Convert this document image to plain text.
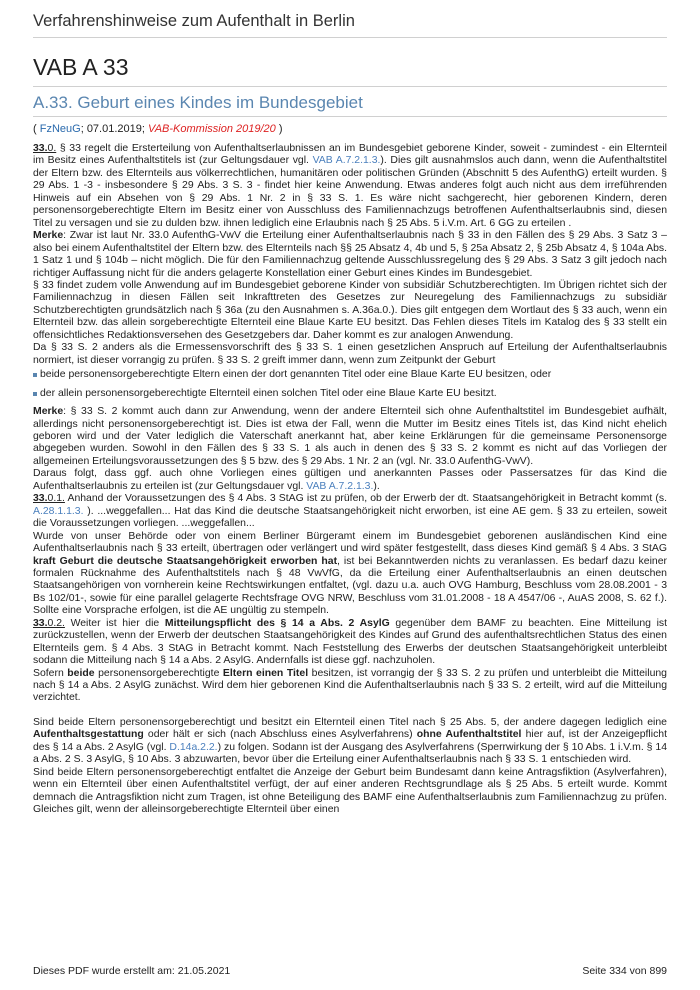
Verfahrenshinweise zum Aufenthalt in Berlin
VAB A 33
A.33. Geburt eines Kindes im Bundesgebiet
( FzNeuG; 07.01.2019; VAB-Kommission 2019/20 )

33.0. § 33 regelt die Ersterteilung von Aufenthaltserlaubnissen an im Bundesgebiet geborene Kinder, soweit - zumindest - ein Elternteil im Besitz eines Aufenthaltstitels ist (zur Geltungsdauer vgl. VAB A.7.2.1.3.). Dies gilt ausnahmslos auch dann, wenn die Aufenthaltstitel der Eltern bzw. des Elternteils aus völkerrechtlichen, humanitären oder politischen Gründen (Abschnitt 5 des AufenthG) erteilt wurden. § 29 Abs. 1 -3 - insbesondere § 29 Abs. 3 S. 3 - findet hier keine Anwendung. Etwas anderes folgt auch nicht aus dem irreführenden Hinweis auf ein Absehen von § 29 Abs. 1 Nr. 2 in § 33 S. 1. Es wäre nicht sachgerecht, hier geborenen Kindern, deren personensorgeberechtigte Eltern im Besitz einer von Ausschluss des Familiennachzugs betroffenen Aufenthaltserlaubnis sind, diesen Titel zu versagen und sie zu dulden bzw. ihnen lediglich eine Erlaubnis nach § 25 Abs. 5 i.V.m. Art. 6 GG zu erteilen .

Merke: Zwar ist laut Nr. 33.0 AufenthG-VwV die Erteilung einer Aufenthaltserlaubnis nach § 33 in den Fällen des § 29 Abs. 3 Satz 3 – also bei einem Aufenthaltstitel der Eltern bzw. des Elternteils nach §§ 25 Absatz 4, 4b und 5, § 25a Absatz 2, § 25b Absatz 4, § 104a Abs. 1 Satz 1 und § 104b – nicht möglich. Die für den Familiennachzug geltende Ausschlussregelung des § 29 Abs. 3 Satz 3 gilt jedoch nach richtiger Auffassung nicht für die anders gelagerte Konstellation einer Geburt eines Kindes im Bundesgebiet.

§ 33 findet zudem volle Anwendung auf im Bundesgebiet geborene Kinder von subsidiär Schutzberechtigten. Im Übrigen richtet sich der Familiennachzug in diesen Fällen seit Inkrafttreten des Gesetzes zur Neuregelung des Familiennachzugs zu subsidiär Schutzberechtigten grundsätzlich nach § 36a (zu den Ausnahmen s. A.36a.0.). Dies gilt entgegen dem Wortlaut des § 33 auch, wenn ein Elternteil bzw. das allein sorgeberechtigte Elternteil eine Blaue Karte EU besitzt. Das Fehlen dieses Titels im Katalog des § 33 stellt ein offensichtliches Redaktionsversehen des Gesetzgebers dar. Daher kommt es zur analogen Anwendung.

Da § 33 S. 2 anders als die Ermessensvorschrift des § 33 S. 1 einen gesetzlichen Anspruch auf Erteilung der Aufenthaltserlaubnis normiert, ist dieser vorrangig zu prüfen. § 33 S. 2 greift immer dann, wenn zum Zeitpunkt der Geburt

beide personensorgeberechtigte Eltern einen der dort genannten Titel oder eine Blaue Karte EU besitzen, oder
der allein personensorgeberechtigte Elternteil einen solchen Titel oder eine Blaue Karte EU besitzt.

Merke: § 33 S. 2 kommt auch dann zur Anwendung, wenn der andere Elternteil sich ohne Aufenthaltstitel im Bundesgebiet aufhält, allerdings nicht personensorgeberechtigt ist. Dies ist etwa der Fall, wenn die Mutter im Besitz eines Titels ist, das Kind nicht ehelich geboren wird und der Vater lediglich die Vaterschaft anerkannt hat, aber keine Erklärungen für die gemeinsame Personensorge abgegeben wurden. Sowohl in den Fällen des § 33 S. 1 als auch in denen des § 33 S. 2 kommt es nicht auf das Vorliegen der allgemeinen Erteilungsvoraussetzungen des § 5 bzw. des § 29 Abs. 1 Nr. 2 an (vgl. Nr. 33.0 AufenthG-VwV).

Daraus folgt, dass ggf. auch ohne Vorliegen eines gültigen und anerkannten Passes oder Passersatzes für das Kind die Aufenthaltserlaubnis zu erteilen ist (zur Geltungsdauer vgl. VAB A.7.2.1.3.).

33.0.1. Anhand der Voraussetzungen des § 4 Abs. 3 StAG ist zu prüfen, ob der Erwerb der dt. Staatsangehörigkeit in Betracht kommt (s. A.28.1.1.3. ). ...weggefallen... Hat das Kind die deutsche Staatsangehörigkeit nicht erworben, ist eine AE gem. § 33 zu erteilen, soweit die Voraussetzungen vorliegen. ...weggefallen...

Wurde von unser Behörde oder von einem Berliner Bürgeramt einem im Bundesgebiet geborenen ausländischen Kind eine Aufenthaltserlaubnis nach § 33 erteilt, übertragen oder verlängert und wird später festgestellt, dass dieses Kind gemäß § 4 Abs. 3 StAG kraft Geburt die deutsche Staatsangehörigkeit erworben hat, ist bei Bekanntwerden nichts zu veranlassen. Es bedarf dazu keiner formalen Rücknahme des Aufenthaltstitels nach § 48 VwVfG, da die Erteilung einer Aufenthaltserlaubnis an einen deutschen Staatsangehörigen von vornherein keine Rechtswirkungen entfaltet, (vgl. dazu u.a. auch OVG Hamburg, Beschluss vom 28.08.2001 - 3 Bs 102/01-, sowie für eine parallel gelagerte Rechtsfrage OVG NRW, Beschluss vom 31.01.2008 - 18 A 4547/06 -, AuAS 2008, S. 62 f.). Sollte eine Vorsprache erfolgen, ist die AE ungültig zu stempeln.

33.0.2. Weiter ist hier die Mitteilungspflicht des § 14 a Abs. 2 AsylG gegenüber dem BAMF zu beachten. Eine Mitteilung ist zurückzustellen, wenn der Erwerb der deutschen Staatsangehörigkeit des Kindes auf Grund des aufenthaltsrechtlichen Status des einen Elternteils gem. § 4 Abs. 3 StAG in Betracht kommt. Nach Feststellung des Erwerbs der deutschen Staatsangehörigkeit unterbleibt sodann die Mitteilung nach § 14 a Abs. 2 AsylG. Andernfalls ist diese ggf. nachzuholen.

Sofern beide personensorgeberechtigte Eltern einen Titel besitzen, ist vorrangig der § 33 S. 2 zu prüfen und unterbleibt die Mitteilung nach § 14 a Abs. 2 AsylG zunächst. Wird dem hier geborenen Kind die Aufenthaltserlaubnis nach § 33 S. 2 erteilt, wird auf die Mitteilung verzichtet.

Sind beide Eltern personensorgeberechtigt und besitzt ein Elternteil einen Titel nach § 25 Abs. 5, der andere dagegen lediglich eine Aufenthaltsgestattung oder hält er sich (nach Abschluss eines Asylverfahrens) ohne Aufenthaltstitel hier auf, ist der Anzeigepflicht des § 14 a Abs. 2 AsylG (vgl. D.14a.2.2.) zu folgen. Sodann ist der Ausgang des Asylverfahrens (Sperrwirkung der § 10 Abs. 1 i.V.m. § 14 a Abs. 2 S. 3 AsylG, § 10 Abs. 3 abzuwarten, bevor über die Erteilung einer Aufenthaltserlaubnis nach § 33 S. 1 entschieden wird.

Sind beide Eltern personensorgeberechtigt entfaltet die Anzeige der Geburt beim Bundesamt dann keine Antragsfiktion (Asylverfahren), wenn ein Elternteil über einen Aufenthaltstitel verfügt, der auf einer anderen Rechtsgrundlage als § 25 Abs. 5 erteilt wurde. Kommt demnach die Antragsfiktion nicht zum Tragen, ist ohne Beteiligung des BAMF eine Aufenthaltserlaubnis zum Familiennachzug zu prüfen. Gleiches gilt, wenn der alleinsorgeberechtigte Elternteil über einen

Dieses PDF wurde erstellt am: 21.05.2021	Seite 334 von 899
